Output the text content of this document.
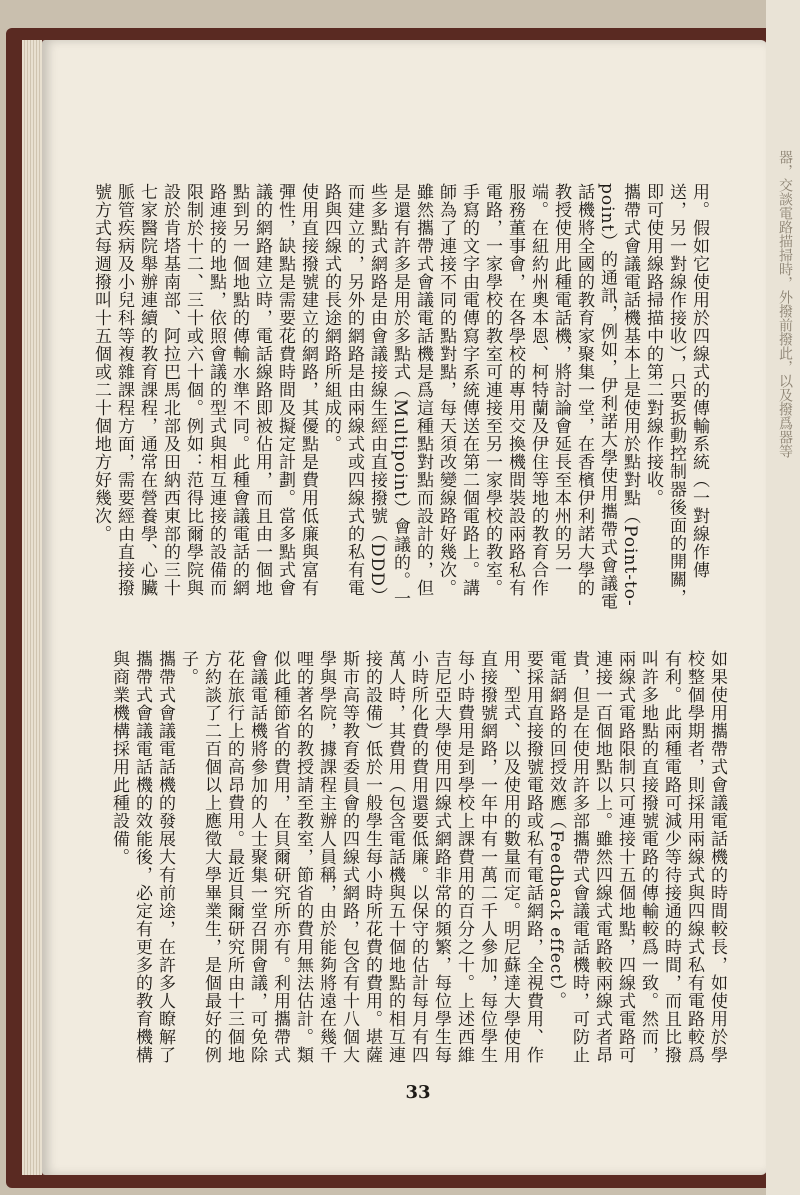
器，交談電路描掃時，外撥前撥此，以及撥爲器等
用。假如它使用於四線式的傳輸系統（一對線作傳送，另一對線作接收），只要扳動控制器後面的開關，即可使用線路掃描中的第二對線作接收。
攜帶式會議電話機基本上是使用於點對點（Point-to-point）的通訊，例如，伊利諾大學使用攜帶式會議電話機將全國的教育家聚集一堂，在香檳伊利諾大學的教授使用此種電話機，將討論會延長至本州的另一端。在紐約州奧本恩、柯特蘭及伊住等地的教育合作服務董事會，在各學校的專用交換機間裝設兩路私有電路，一家學校的教室可連接至另一家學校的教室。手寫的文字由電傳寫字系統傳送在第二個電路上。講師為了連接不同的點對點，每天須改變線路好幾次。
雖然攜帶式會議電話機是爲這種點對點而設計的，但是還有許多是用於多點式（Multipoint）會議的。一些多點式網路是由會議接線生經由直接撥號（DDD）而建立的，另外的網路是由兩線式或四線式的私有電路與四線式的長途網路所組成的。
使用直接撥號建立的網路，其優點是費用低廉與富有彈性，缺點是需要花費時間及擬定計劃。當多點式會議的網路建立時，電話線路即被佔用，而且由一個地點到另一個地點的傳輸水準不同。此種會議電話的網路連接的地點，依照會議的型式與相互連接的設備而限制於十二、三十或六十個。例如：范得比爾學院與設於肯塔基南部、阿拉巴馬北部及田納西東部的三十七家醫院舉辦連續的教育課程，通常在營養學、心臟脈管疾病及小兒科等複雜課程方面，需要經由直接撥號方式每週撥叫十五個或二十個地方好幾次。
如果使用攜帶式會議電話機的時間較長，如使用於學校整個學期者，則採用兩線式與四線式私有電路較爲有利。此兩種電路可減少等待接通的時間，而且比撥叫許多地點的直接撥號電路的傳輸較爲一致。然而，兩線式電路限制只可連接十五個地點，四線式電路可連接一百個地點以上。雖然四線式電路較兩線式者昂貴，但是在使用許多部攜帶式會議電話機時，可防止電話網路的回授效應（Feedback effect）。
要採用直接撥號電路或私有電話網路，全視費用、作用、型式、以及使用的數量而定。明尼蘇達大學使用直接撥號網路，一年中有一萬二千人參加，每位學生每小時費用是到學校上課費用的百分之十。上述西維吉尼亞大學使用四線式網路非常的頻繁，每位學生每小時所化費的費用還要低廉。以保守的估計每月有四萬人時，其費用（包含電話機與五十個地點的相互連接的設備）低於一般學生每小時所花費的費用。堪薩斯市高等教育委員會的四線式網路，包含有十八個大學與學院，據課程主辦人員稱，由於能夠將遠在幾千哩的著名的教授請至教室，節省的費用無法估計。類似此種節省的費用，在貝爾研究所亦有。利用攜帶式會議電話機將參加的人士聚集一堂召開會議，可免除花在旅行上的高昂費用。最近貝爾研究所由十三個地方約談了二百個以上應徵大學畢業生，是個最好的例子。
攜帶式會議電話機的發展大有前途，在許多人瞭解了攜帶式會議電話機的效能後，必定有更多的教育機構與商業機構採用此種設備。
33
